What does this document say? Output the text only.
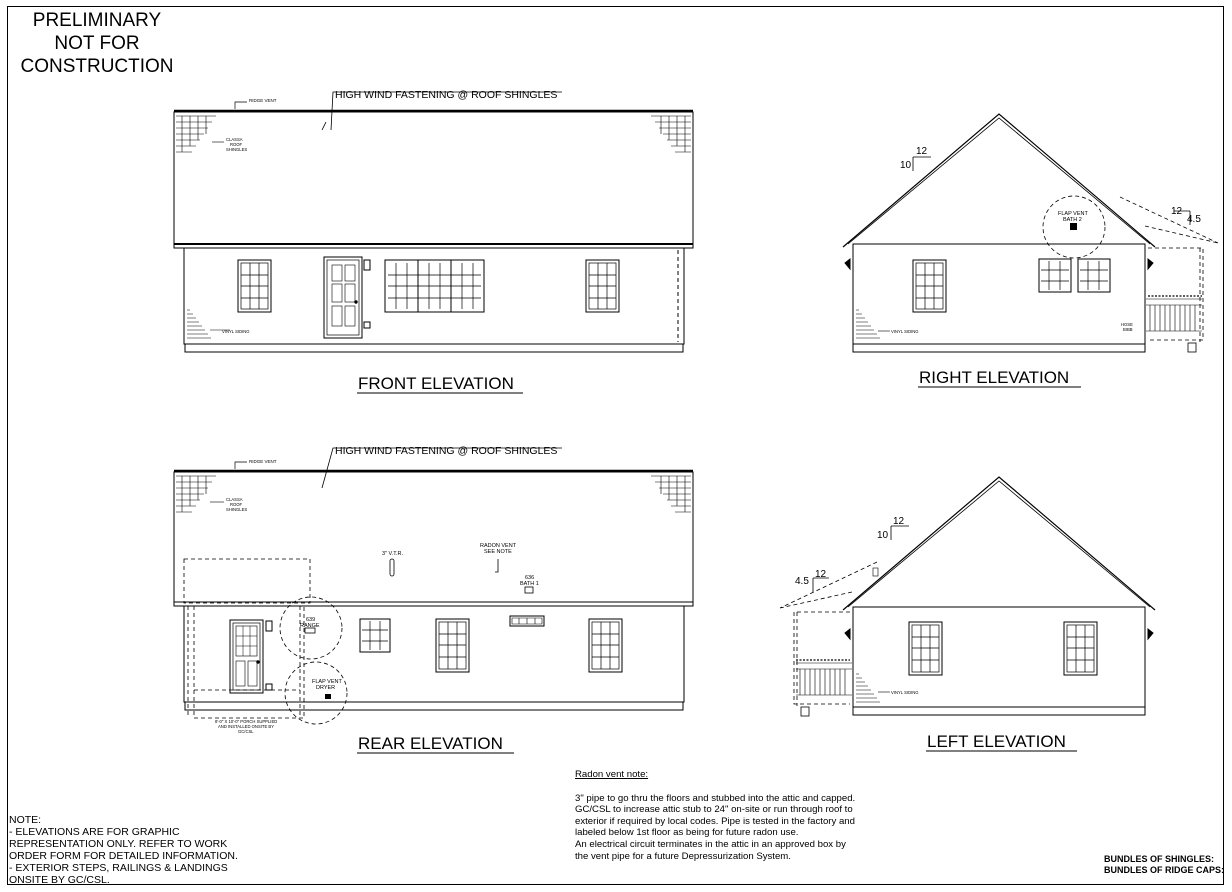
PRELIMINARY
NOT FOR
CONSTRUCTION
HIGH WIND FASTENING @ ROOF SHINGLES
RIDGE VENT
CLASSA
ROOF
SHINGLES
VINYL SIDING
FRONT ELEVATION
12
10
FLAP VENT
BATH 2
12
4.5
VINYL SIDING
HOSE
BIBB
RIGHT ELEVATION
639
RANGE
FLAP VENT
DRYER
3" V.T.R.
RADON VENT
SEE NOTE
636
BATH 1
HIGH WIND FASTENING @ ROOF SHINGLES
RIDGE VENT
CLASSA
ROOF
SHINGLES
8'-0" X 10'-0" PORCH SUPPLIED
AND INSTALLED ONSITE BY
GC/CSL
REAR ELEVATION
12
10
12
4.5
VINYL SIDING
LEFT ELEVATION
NOTE:
- ELEVATIONS ARE FOR GRAPHIC
REPRESENTATION ONLY. REFER TO WORK
ORDER FORM FOR DETAILED INFORMATION.
- EXTERIOR STEPS, RAILINGS & LANDINGS
ONSITE BY GC/CSL.
Radon vent note:
3" pipe to go thru the floors and stubbed into the attic and capped.
GC/CSL to increase attic stub to 24" on-site or run through roof to
exterior if required by local codes. Pipe is tested in the factory and
labeled below 1st floor as being for future radon use.
An electrical circuit terminates in the attic in an approved box by
the vent pipe for a future Depressurization System.	BUNDLES OF SHINGLES:
BUNDLES OF RIDGE CAPS:
